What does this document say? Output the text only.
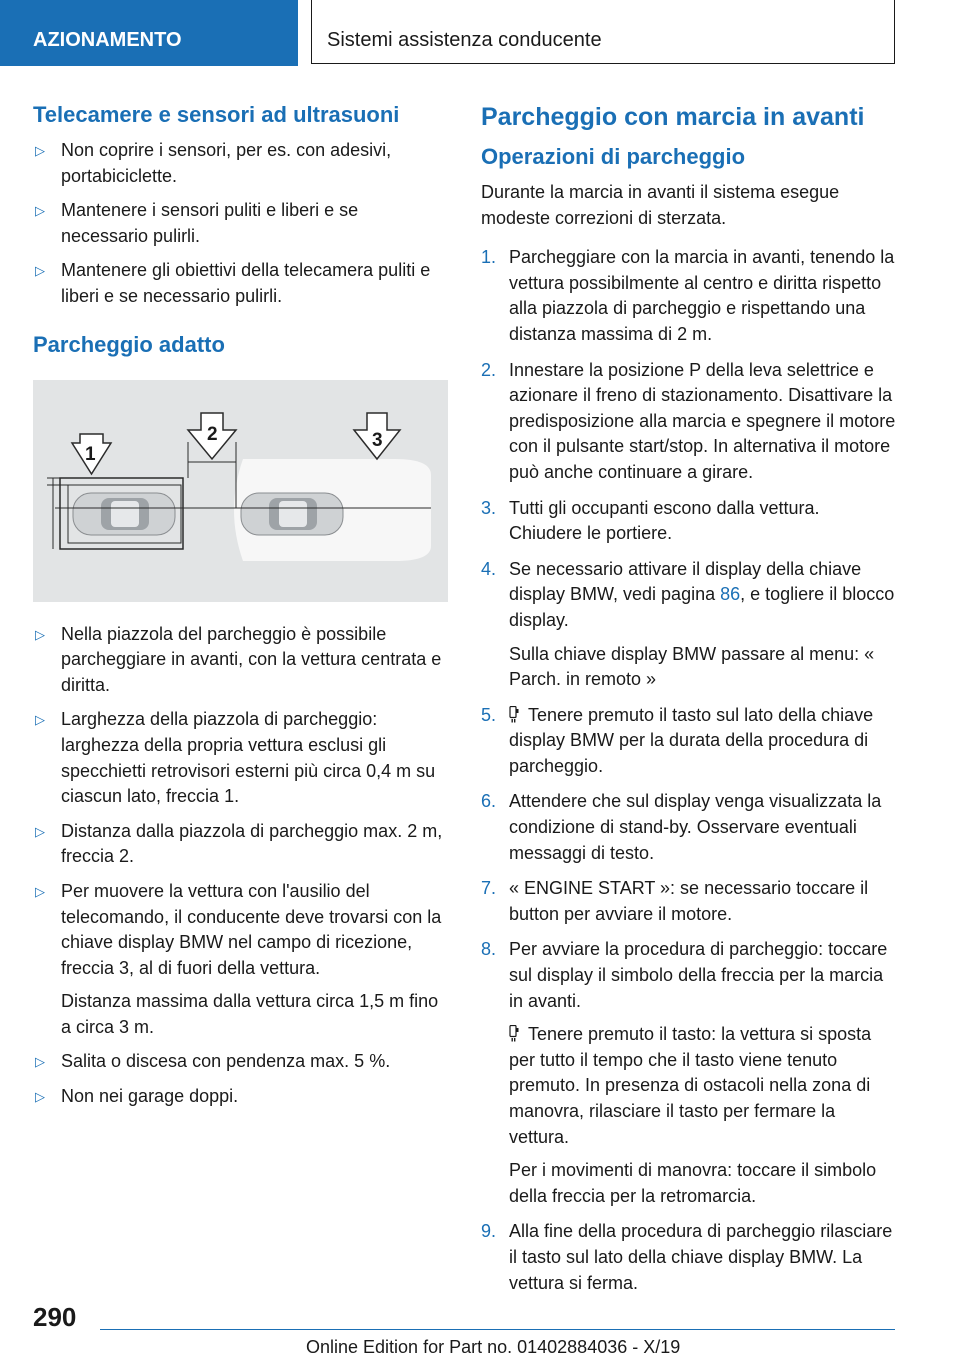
AZIONAMENTO	Sistemi assistenza conducente
Telecamere e sensori ad ultrasuoni
▷ Non coprire i sensori, per es. con adesivi, portabiciclette.
▷ Mantenere i sensori puliti e liberi e se necessario pulirli.
▷ Mantenere gli obiettivi della telecamera puliti e liberi e se necessario pulirli.
Parcheggio adatto
1
2	3
▷ Nella piazzola del parcheggio è possibile parcheggiare in avanti, con la vettura centrata e diritta.
▷ Larghezza della piazzola di parcheggio: larghezza della propria vettura esclusi gli specchietti retrovisori esterni più circa 0,4 m su ciascun lato, freccia 1.
▷ Distanza dalla piazzola di parcheggio max. 2 m, freccia 2.
▷ Per muovere la vettura con l'ausilio del telecomando, il conducente deve trovarsi con la chiave display BMW nel campo di ricezione, freccia 3, al di fuori della vettura.
Distanza massima dalla vettura circa 1,5 m fino a circa 3 m.
▷ Salita o discesa con pendenza max. 5 %.
▷ Non nei garage doppi.
Parcheggio con marcia in avanti
Operazioni di parcheggio
Durante la marcia in avanti il sistema esegue modeste correzioni di sterzata.
1. Parcheggiare con la marcia in avanti, tenendo la vettura possibilmente al centro e diritta rispetto alla piazzola di parcheggio e rispettando una distanza massima di 2 m.
2. Innestare la posizione P della leva selettrice e azionare il freno di stazionamento. Disattivare la predisposizione alla marcia e spegnere il motore con il pulsante start/stop. In alternativa il motore può anche continuare a girare.
3. Tutti gli occupanti escono dalla vettura. Chiudere le portiere.
4. Se necessario attivare il display della chiave display BMW, vedi pagina 86, e togliere il blocco display.
Sulla chiave display BMW passare al menu: « Parch. in remoto »
5. Tenere premuto il tasto sul lato della chiave display BMW per la durata della procedura di parcheggio.
6. Attendere che sul display venga visualizzata la condizione di stand-by. Osservare eventuali messaggi di testo.
7. « ENGINE START »: se necessario toccare il button per avviare il motore.
8. Per avviare la procedura di parcheggio: toccare sul display il simbolo della freccia per la marcia in avanti.
Tenere premuto il tasto: la vettura si sposta per tutto il tempo che il tasto viene tenuto premuto. In presenza di ostacoli nella zona di manovra, rilasciare il tasto per fermare la vettura.
Per i movimenti di manovra: toccare il simbolo della freccia per la retromarcia.
9. Alla fine della procedura di parcheggio rilasciare il tasto sul lato della chiave display BMW. La vettura si ferma.
290
Online Edition for Part no. 01402884036 - X/19
